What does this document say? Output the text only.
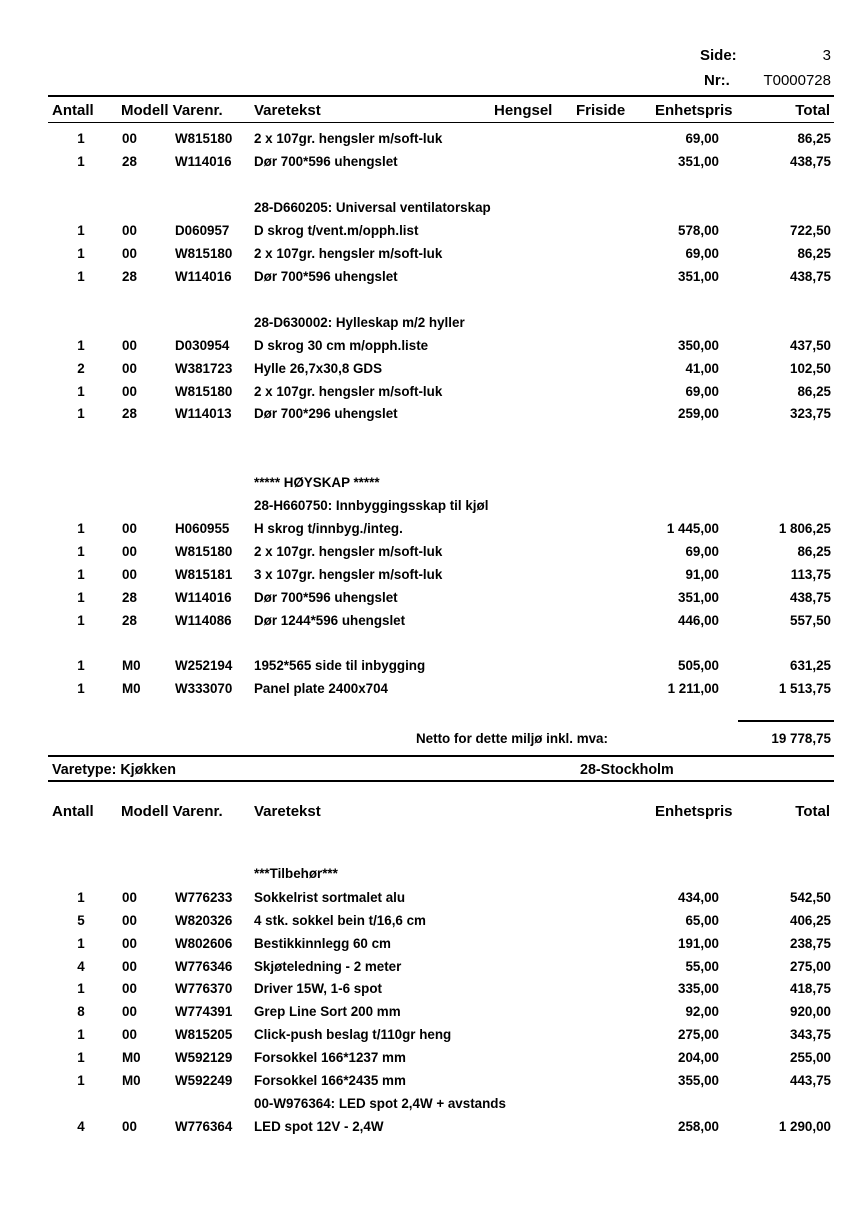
Side:	3
Nr:.	T0000728
Antall Modell Varenr. Varetekst	Hengsel Friside Enhetspris	Total
1	00	W815180 2 x 107gr. hengsler m/soft-luk	69,00	86,25
1	28	W114016 Dør 700*596 uhengslet	351,00	438,75
28-D660205: Universal ventilatorskap
1	00	D060957 D skrog t/vent.m/opph.list	578,00	722,50
1	00	W815180 2 x 107gr. hengsler m/soft-luk	69,00	86,25
1	28	W114016 Dør 700*596 uhengslet	351,00	438,75
28-D630002: Hylleskap m/2 hyller
1	00	D030954 D skrog 30 cm m/opph.liste	350,00	437,50
2	00	W381723 Hylle 26,7x30,8 GDS	41,00	102,50
1	00	W815180 2 x 107gr. hengsler m/soft-luk	69,00	86,25
1	28	W114013 Dør 700*296 uhengslet	259,00	323,75
***** HØYSKAP *****
28-H660750: Innbyggingsskap til kjøl
1	00	H060955 H skrog t/innbyg./integ.	1 445,00	1 806,25
1	00	W815180 2 x 107gr. hengsler m/soft-luk	69,00	86,25
1	00	W815181 3 x 107gr. hengsler m/soft-luk	91,00	113,75
1	28	W114016 Dør 700*596 uhengslet	351,00	438,75
1	28	W114086 Dør 1244*596 uhengslet	446,00	557,50
1	M0	W252194 1952*565 side til inbygging	505,00	631,25
1	M0	W333070 Panel plate 2400x704	1 211,00	1 513,75
Netto for dette miljø inkl. mva:	19 778,75
Varetype: Kjøkken	28-Stockholm
Antall Modell Varenr. Varetekst	Enhetspris	Total
***Tilbehør***
1	00	W776233 Sokkelrist sortmalet alu	434,00	542,50
5	00	W820326 4 stk. sokkel bein t/16,6 cm	65,00	406,25
1	00	W802606 Bestikkinnlegg 60 cm	191,00	238,75
4	00	W776346 Skjøteledning - 2 meter	55,00	275,00
1	00	W776370 Driver 15W, 1-6 spot	335,00	418,75
8	00	W774391 Grep Line Sort 200 mm	92,00	920,00
1	00	W815205 Click-push beslag t/110gr heng	275,00	343,75
1	M0	W592129 Forsokkel 166*1237 mm	204,00	255,00
1	M0	W592249 Forsokkel 166*2435 mm	355,00	443,75
00-W976364: LED spot 2,4W + avstands
4	00	W776364 LED spot 12V - 2,4W	258,00	1 290,00
